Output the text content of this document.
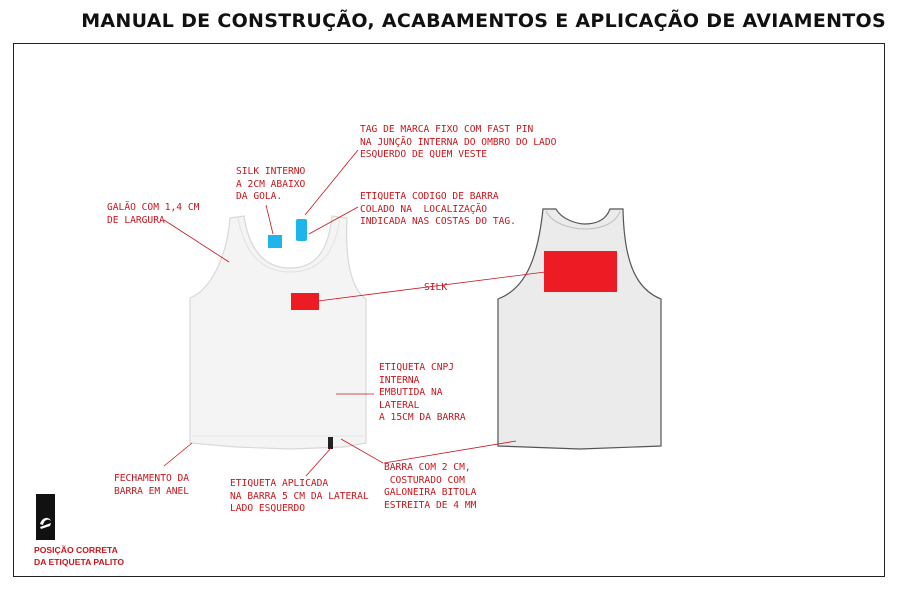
MANUAL DE CONSTRUÇÃO, ACABAMENTOS E APLICAÇÃO DE AVIAMENTOS
TAG DE MARCA FIXO COM FAST PIN
NA JUNÇÃO INTERNA DO OMBRO DO LADO
ESQUERDO DE QUEM VESTE
SILK INTERNO
A 2CM ABAIXO
DA GOLA.	ETIQUETA CODIGO DE BARRA
COLADO NA  LOCALIZAÇÃO
INDICADA NAS COSTAS DO TAG.
GALÃO COM 1,4 CM
DE LARGURA
SILK
ETIQUETA CNPJ
INTERNA
EMBUTIDA NA
LATERAL
A 15CM DA BARRA
FECHAMENTO DA
BARRA EM ANEL
ETIQUETA APLICADA
NA BARRA 5 CM DA LATERAL
LADO ESQUERDO
BARRA COM 2 CM,
COSTURADO COM
GALONEIRA BITOLA
ESTREITA DE 4 MM
POSIÇÃO CORRETA
DA ETIQUETA PALITO
